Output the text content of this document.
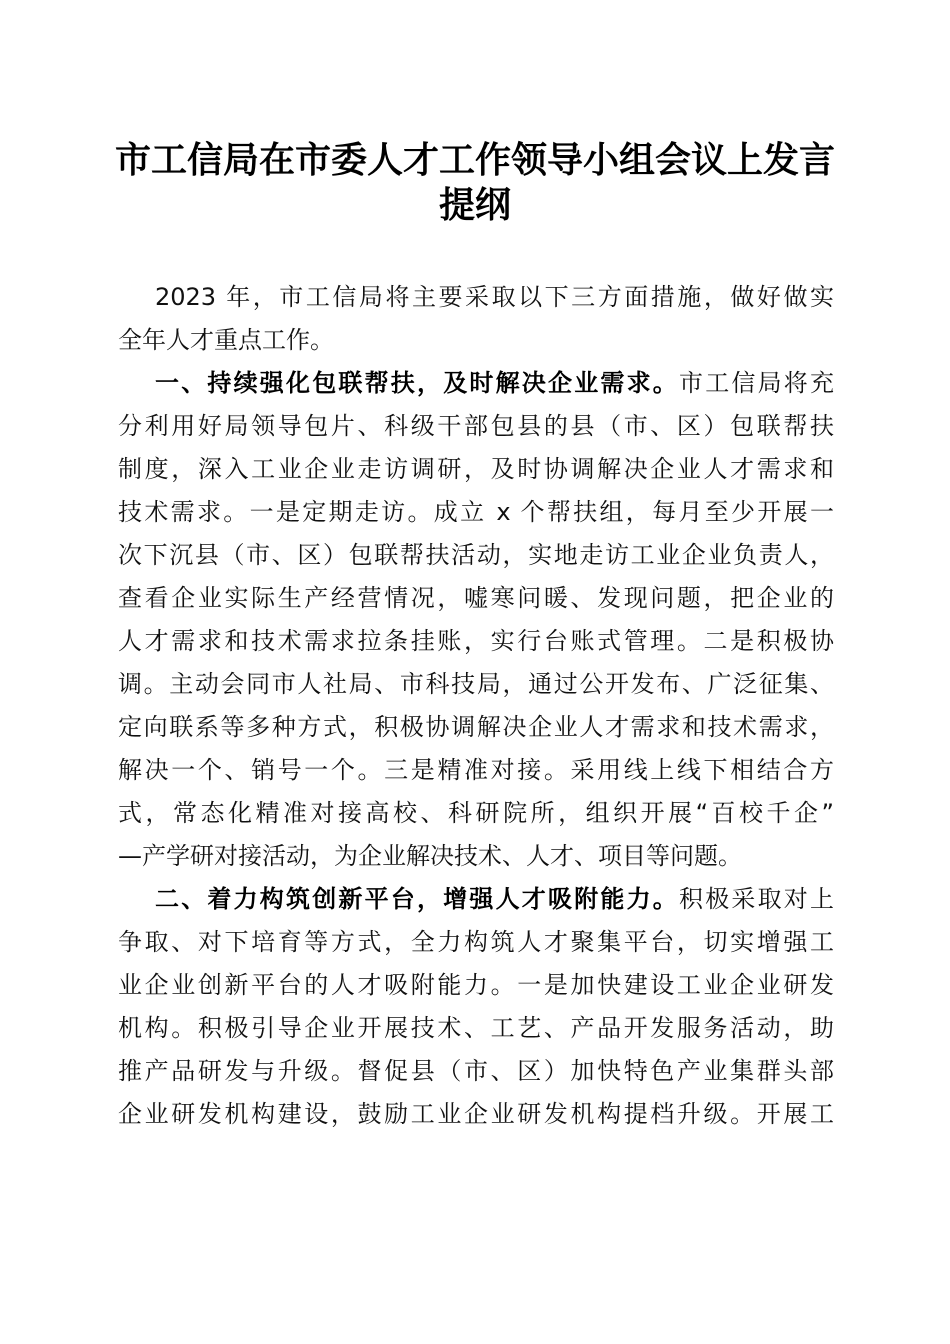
市工信局在市委人才工作领导小组会议上发言
提纲
2023 年，市工信局将主要采取以下三方面措施，做好做实
全年人才重点工作。
一、持续强化包联帮扶，及时解决企业需求。市工信局将充
分利用好局领导包片、科级干部包县的县（市、区）包联帮扶
制度，深入工业企业走访调研，及时协调解决企业人才需求和
技术需求。一是定期走访。成立 x 个帮扶组，每月至少开展一
次下沉县（市、区）包联帮扶活动，实地走访工业企业负责人，
查看企业实际生产经营情况，嘘寒问暖、发现问题，把企业的
人才需求和技术需求拉条挂账，实行台账式管理。二是积极协
调。主动会同市人社局、市科技局，通过公开发布、广泛征集、
定向联系等多种方式，积极协调解决企业人才需求和技术需求，
解决一个、销号一个。三是精准对接。采用线上线下相结合方
式，常态化精准对接高校、科研院所，组织开展“百校千企”
—产学研对接活动，为企业解决技术、人才、项目等问题。
二、着力构筑创新平台，增强人才吸附能力。积极采取对上
争取、对下培育等方式，全力构筑人才聚集平台，切实增强工
业企业创新平台的人才吸附能力。一是加快建设工业企业研发
机构。积极引导企业开展技术、工艺、产品开发服务活动，助
推产品研发与升级。督促县（市、区）加快特色产业集群头部
企业研发机构建设，鼓励工业企业研发机构提档升级。开展工
